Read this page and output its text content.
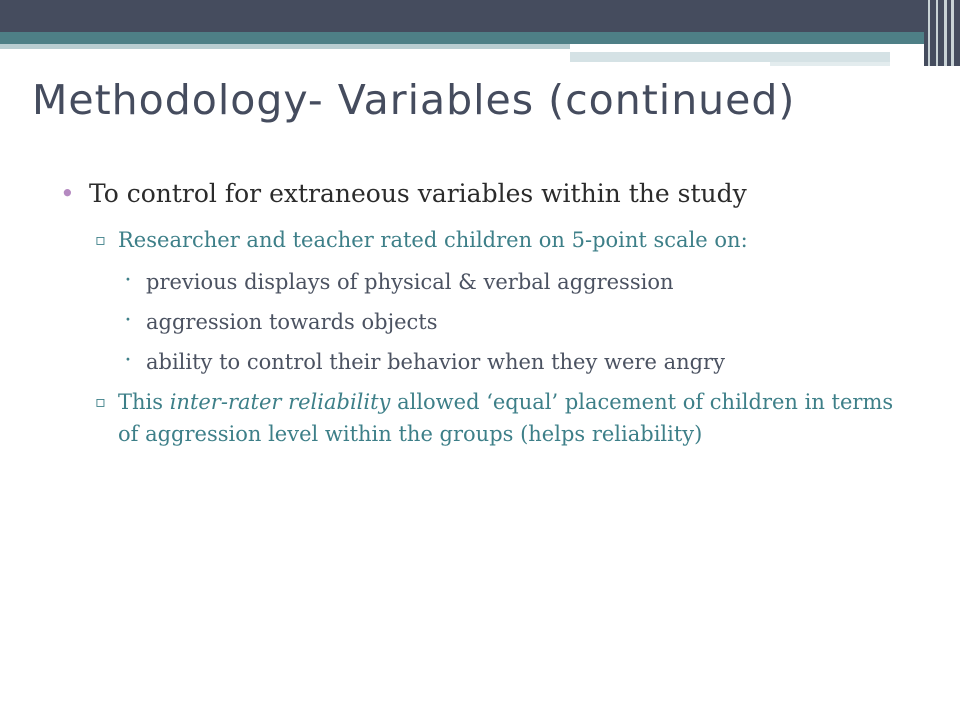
Methodology- Variables (continued)
• To control for extraneous variables within the study
▫ Researcher and teacher rated children on 5-point scale on:
⠂ previous displays of physical & verbal aggression
⠂ aggression towards objects
⠂ ability to control their behavior when they were angry
▫ This inter-rater reliability allowed ‘equal’ placement of children in terms of aggression level within the groups (helps reliability)
